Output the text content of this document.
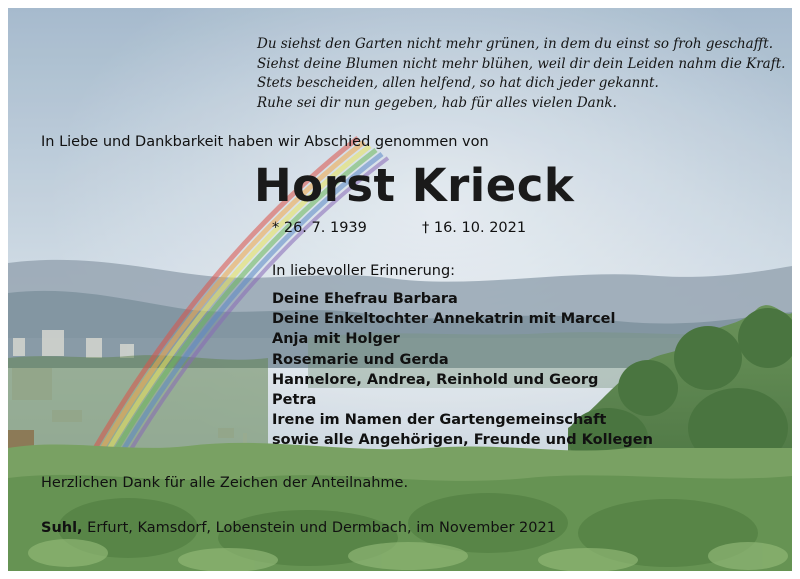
Du siehst den Garten nicht mehr grünen, in dem du einst so froh geschafft.
Siehst deine Blumen nicht mehr blühen, weil dir dein Leiden nahm die Kraft.
Stets bescheiden, allen helfend, so hat dich jeder gekannt.
Ruhe sei dir nun gegeben, hab für alles vielen Dank.
In Liebe und Dankbarkeit haben wir Abschied genommen von
Horst Krieck
* 26. 7. 1939	† 16. 10. 2021
In liebevoller Erinnerung:
Deine Ehefrau Barbara
Deine Enkeltochter Annekatrin mit Marcel
Anja mit Holger
Rosemarie und Gerda
Hannelore, Andrea, Reinhold und Georg
Petra
Irene im Namen der Gartengemeinschaft
sowie alle Angehörigen, Freunde und Kollegen
Herzlichen Dank für alle Zeichen der Anteilnahme.
Suhl, Erfurt, Kamsdorf, Lobenstein und Dermbach, im November 2021
